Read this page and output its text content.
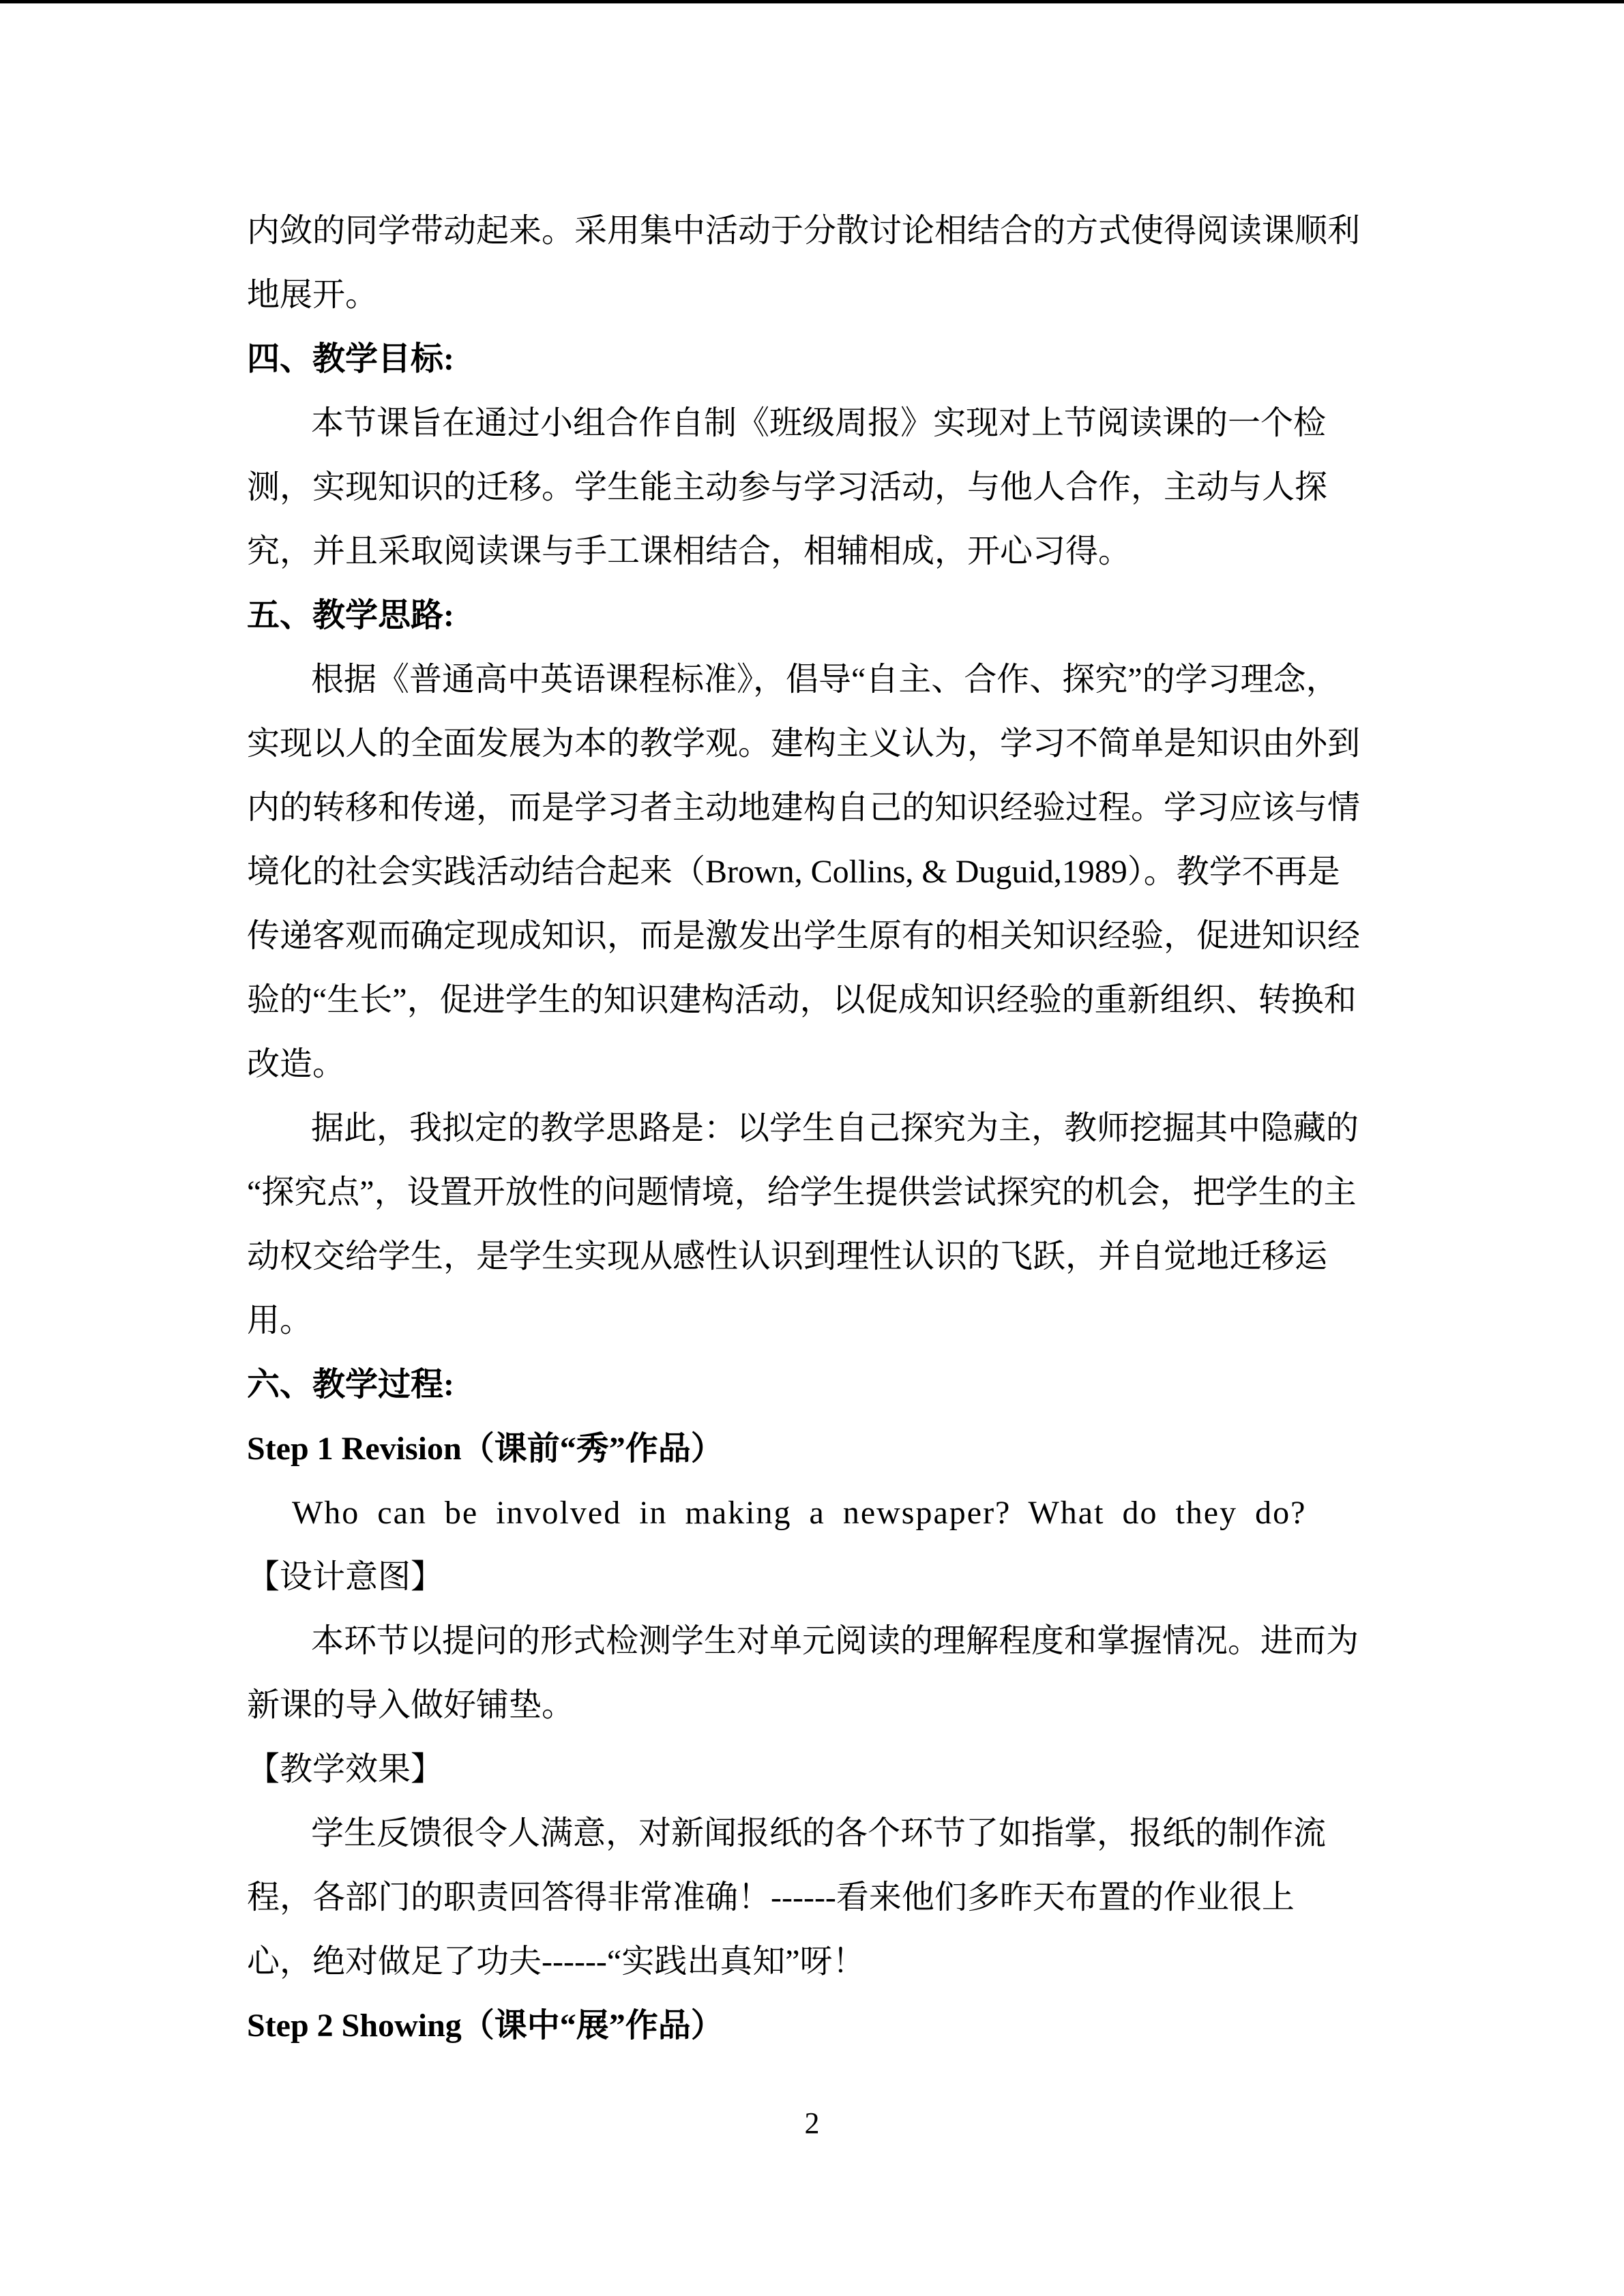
内敛的同学带动起来。采用集中活动于分散讨论相结合的方式使得阅读课顺利
地展开。
四、教学目标:
本节课旨在通过小组合作自制《班级周报》实现对上节阅读课的一个检
测，实现知识的迁移。学生能主动参与学习活动，与他人合作，主动与人探
究，并且采取阅读课与手工课相结合，相辅相成，开心习得。
五、教学思路:
根据《普通高中英语课程标准》，倡导“自主、合作、探究”的学习理念，
实现以人的全面发展为本的教学观。建构主义认为，学习不简单是知识由外到
内的转移和传递，而是学习者主动地建构自己的知识经验过程。学习应该与情
境化的社会实践活动结合起来（Brown, Collins, & Duguid,1989）。教学不再是
传递客观而确定现成知识，而是激发出学生原有的相关知识经验，促进知识经
验的“生长”，促进学生的知识建构活动，以促成知识经验的重新组织、转换和
改造。
据此，我拟定的教学思路是：以学生自己探究为主，教师挖掘其中隐藏的
“探究点”，设置开放性的问题情境，给学生提供尝试探究的机会，把学生的主
动权交给学生，是学生实现从感性认识到理性认识的飞跃，并自觉地迁移运
用。
六、教学过程:
Step 1 Revision（课前“秀”作品）
Who can be involved in making a newspaper? What do they do?
【设计意图】
本环节以提问的形式检测学生对单元阅读的理解程度和掌握情况。进而为
新课的导入做好铺垫。
【教学效果】
学生反馈很令人满意，对新闻报纸的各个环节了如指掌，报纸的制作流
程，各部门的职责回答得非常准确！------看来他们多昨天布置的作业很上
心，绝对做足了功夫------“实践出真知”呀！
Step 2 Showing（课中“展”作品）
2
